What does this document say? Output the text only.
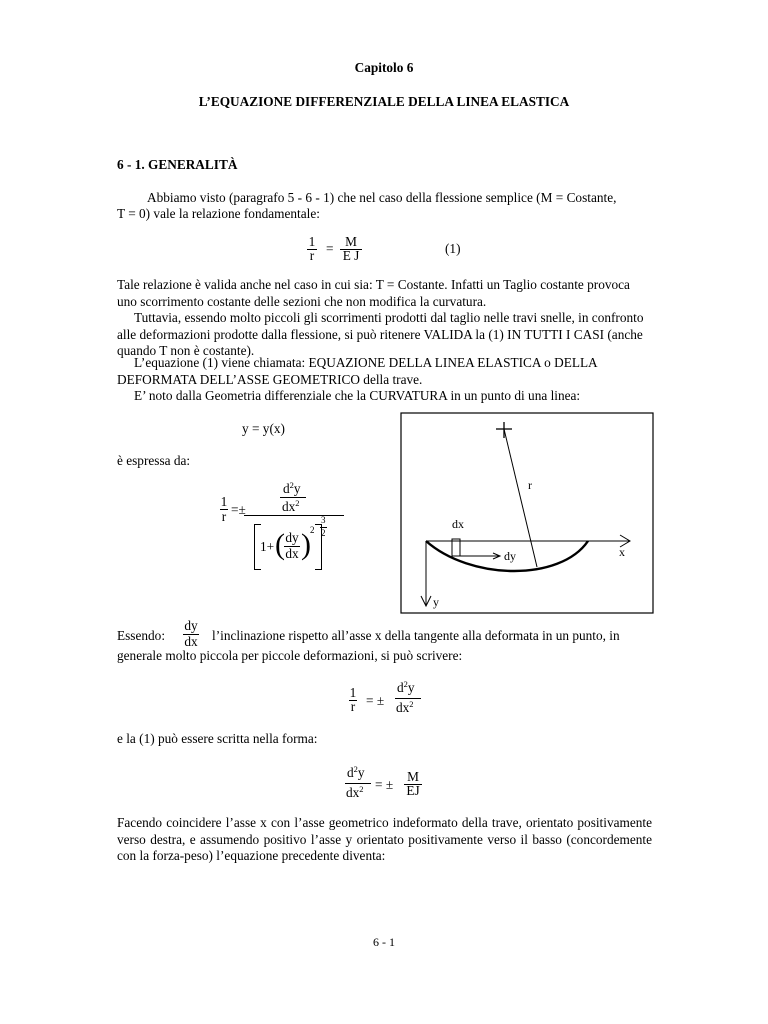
Capitolo 6
L’EQUAZIONE DIFFERENZIALE DELLA LINEA ELASTICA
6 - 1. GENERALITÀ
Abbiamo visto (paragrafo 5 - 6 - 1) che nel caso della flessione semplice (M = Costante,
T = 0) vale la relazione fondamentale:
1
r = M
E J	(1)
Tale relazione è valida anche nel caso in cui sia: T = Costante. Infatti un Taglio costante provoca uno scorrimento costante delle sezioni che non modifica la curvatura.
Tuttavia, essendo molto piccoli gli scorrimenti prodotti dal taglio nelle travi snelle, in confronto alle deformazioni prodotte dalla flessione, si può ritenere VALIDA la (1) IN TUTTI I CASI (anche quando T non è costante).
L’equazione (1) viene chiamata: EQUAZIONE DELLA LINEA ELASTICA o DELLA DEFORMATA DELL’ASSE GEOMETRICO della trave.
E’ noto dalla Geometria differenziale che la CURVATURA in un punto di una linea:
y = y(x)
è espressa da:
1
r =±
$d^2y$
$dx^2$
1+ ( dy
dx ) 2
3
2
r
dx
dy	x
y
Essendo:
dy
dx l’inclinazione rispetto all’asse x della tangente alla deformata in un punto, in
generale molto piccola per piccole deformazioni, si può scrivere:
1
r = ±
$d^2y$
$dx^2$
e la (1) può essere scritta nella forma:
$d^2y$
$dx^2$ = ±
M
EJ
Facendo coincidere l’asse x con l’asse geometrico indeformato della trave, orientato positivamente verso destra, e assumendo positivo l’asse y orientato positivamente verso il basso (concordemente con la forza-peso) l’equazione precedente diventa:
6 - 1
